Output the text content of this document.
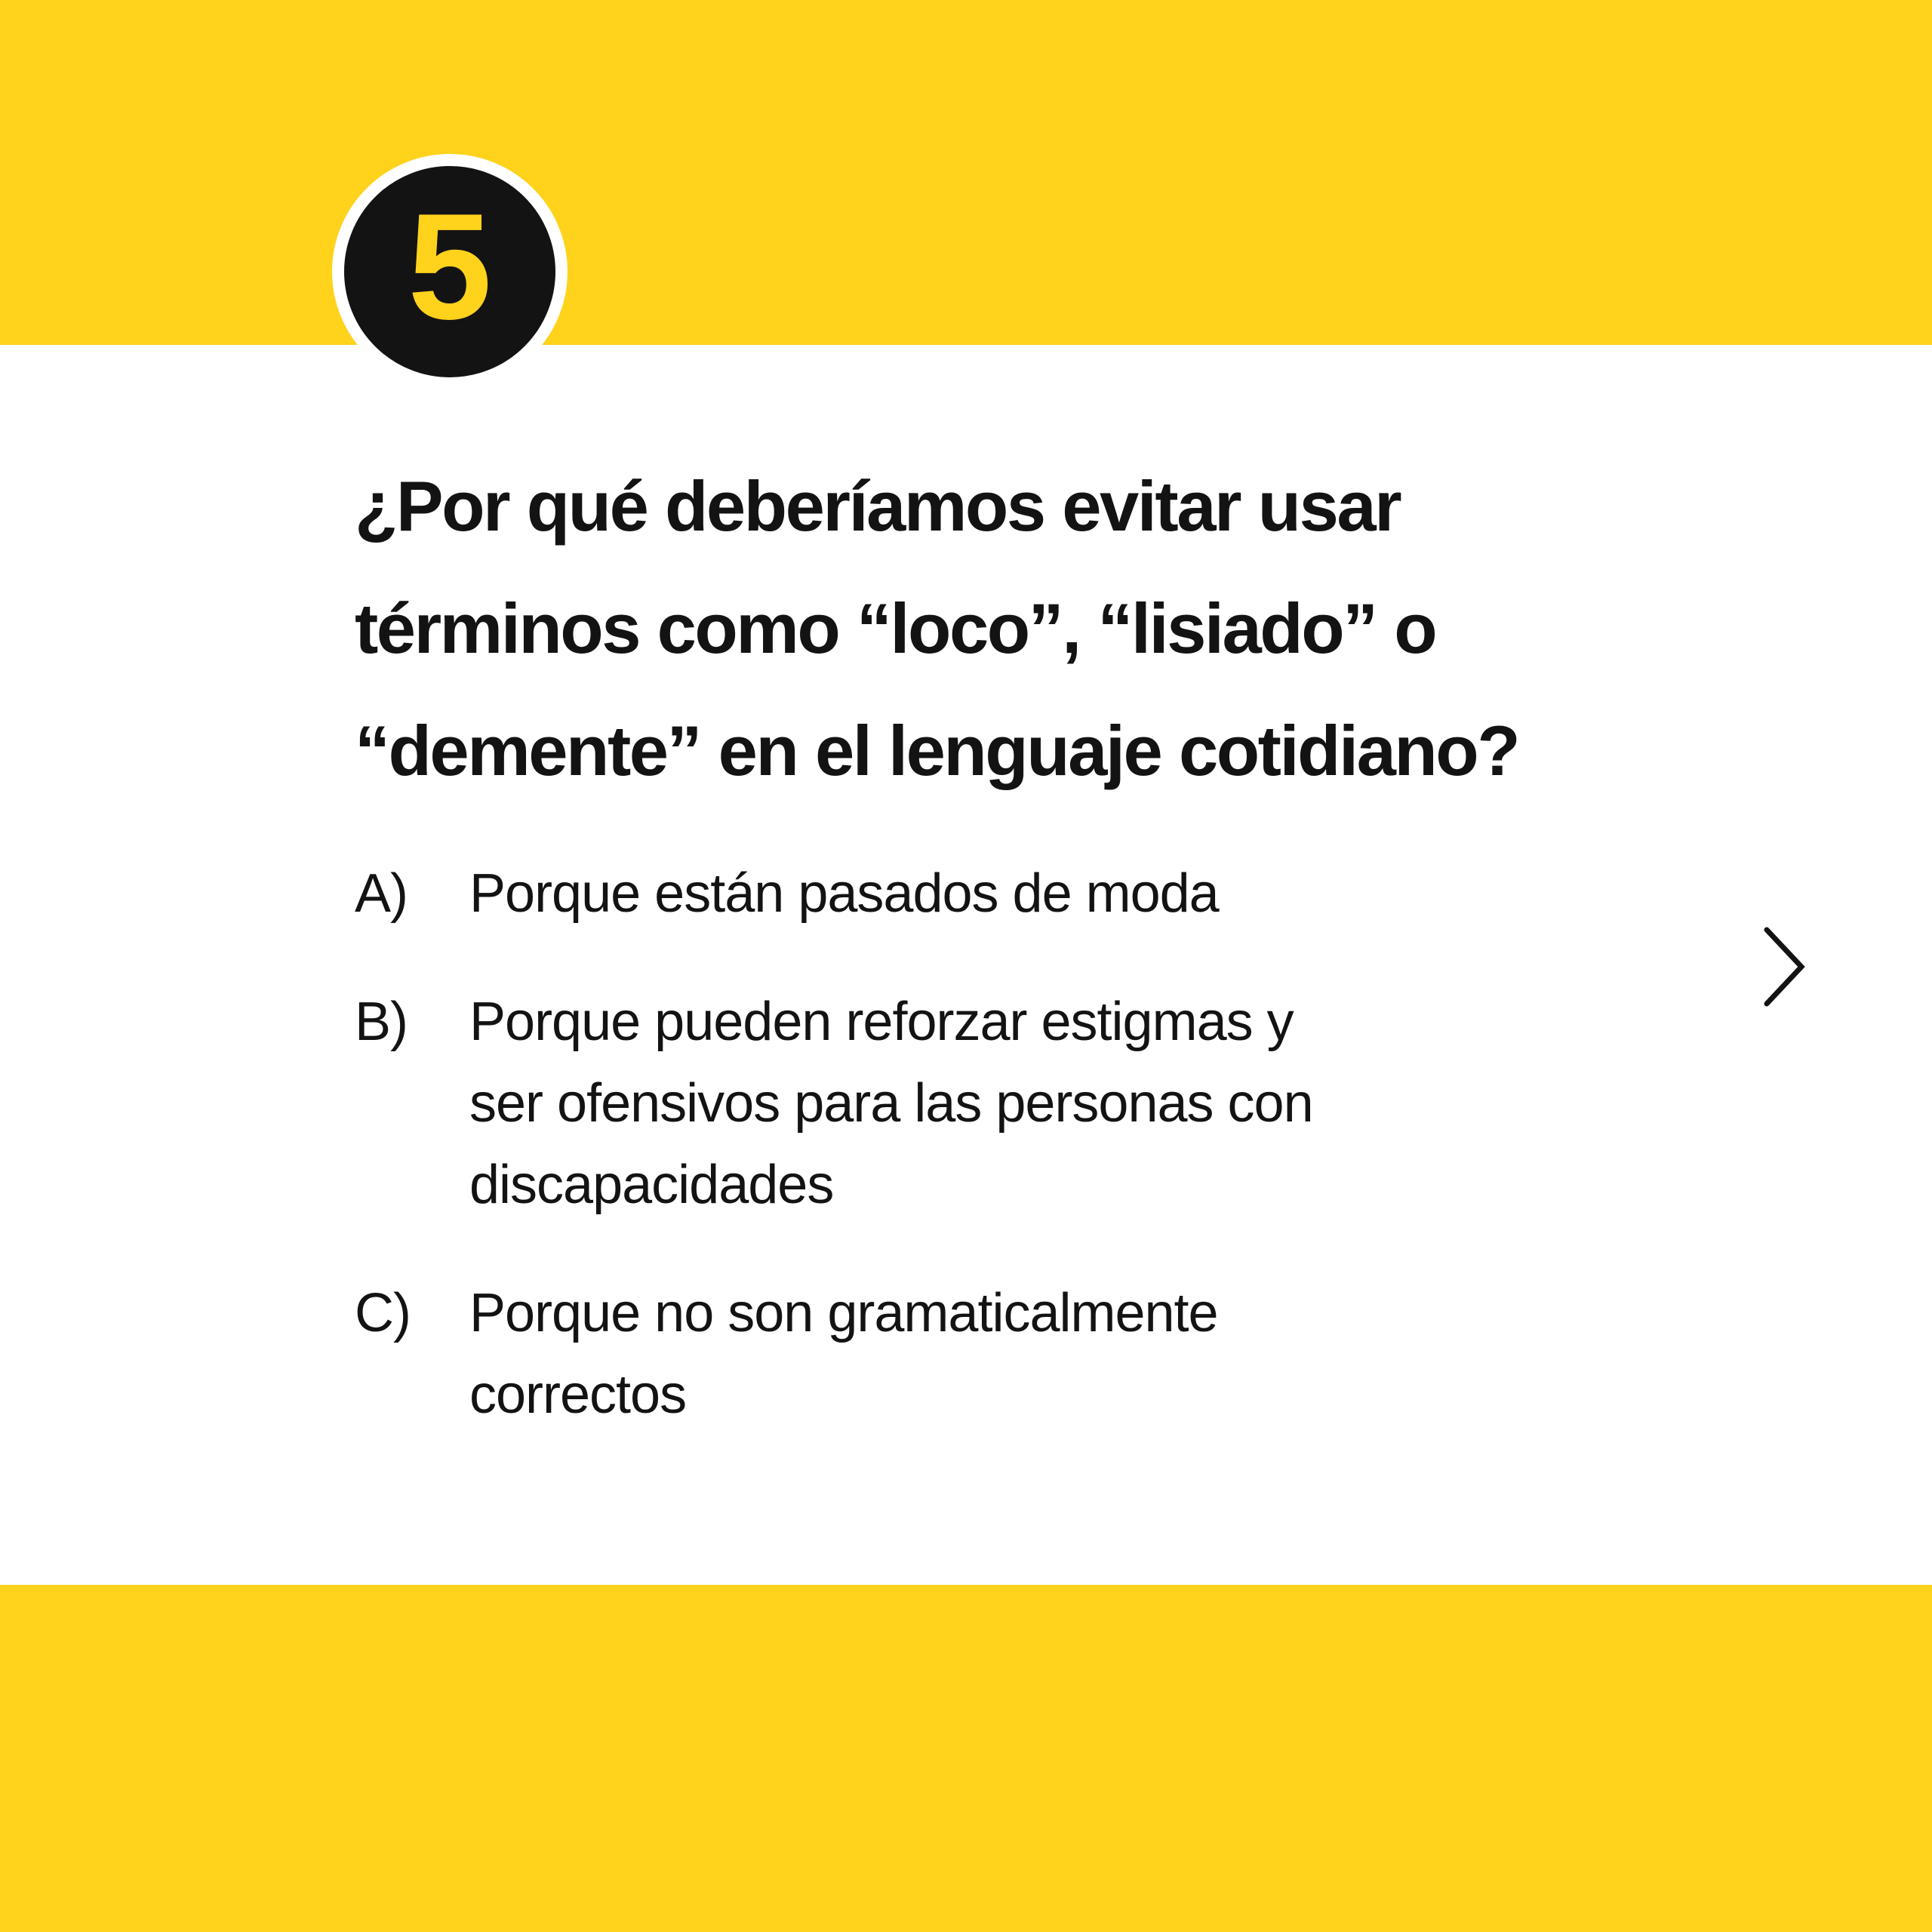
5
¿Por qué deberíamos evitar usar
términos como “loco”, “lisiado” o
“demente” en el lenguaje cotidiano?
A)	Porque están pasados de moda
B)	Porque pueden reforzar estigmas y
ser ofensivos para las personas con
discapacidades
C)	Porque no son gramaticalmente
correctos
